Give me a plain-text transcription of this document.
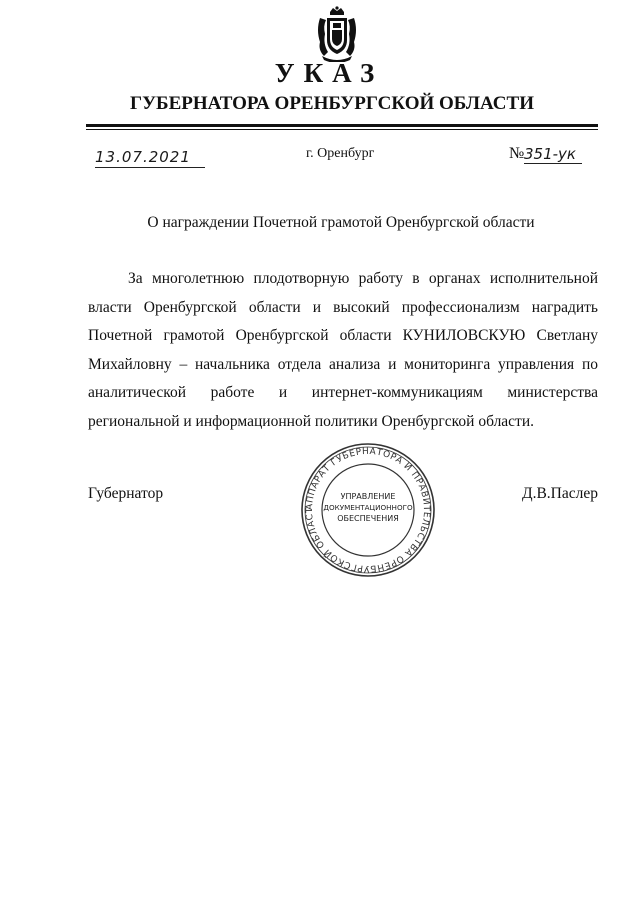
УКАЗ
ГУБЕРНАТОРА ОРЕНБУРГСКОЙ ОБЛАСТИ
13.07.2021	г. Оренбург	№ 351-ук
О награждении Почетной грамотой Оренбургской области

За многолетнюю плодотворную работу в органах исполнительной власти Оренбургской области и высокий профессионализм наградить Почетной грамотой Оренбургской области КУНИЛОВСКУЮ Светлану Михайловну – начальника отдела анализа и мониторинга управления по аналитической работе и интернет-коммуникациям министерства региональной и информационной политики Оренбургской области.

Губернатор	Д.В.Паслер
АППАРАТ ГУБЕРНАТОРА И ПРАВИТЕЛЬСТВА ОРЕНБУРГСКОЙ ОБЛАСТ
УПРАВЛЕНИЕ
ДОКУМЕНТАЦИОННОГО
ОБЕСПЕЧЕНИЯ
